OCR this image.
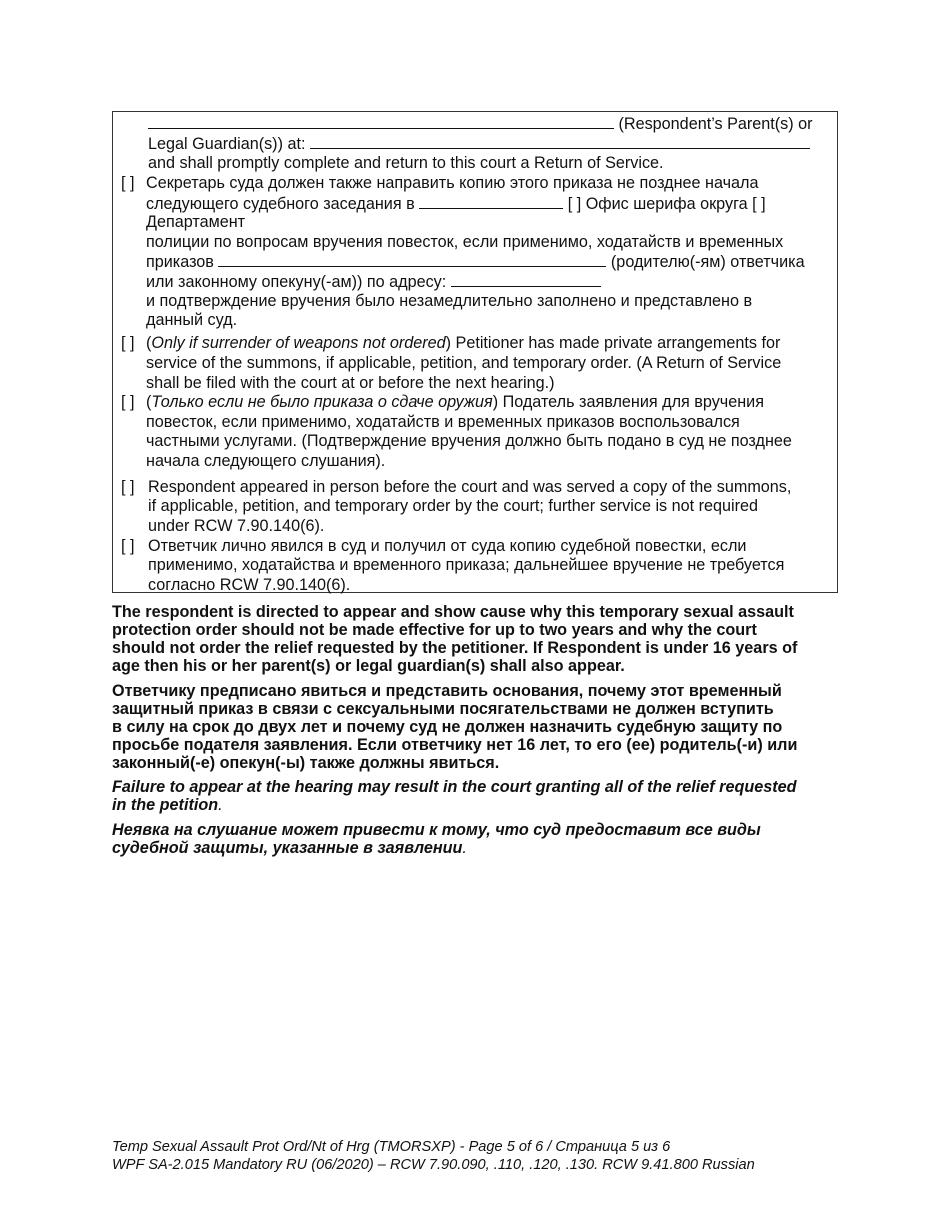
(Respondent’s Parent(s) or
Legal Guardian(s)) at:
and shall promptly complete and return to this court a Return of Service.
[ ] Секретарь суда должен также направить копию этого приказа не позднее начала
следующего судебного заседания в	[ ] Офис шерифа округа [ ]
Департамент
полиции по вопросам вручения повесток, если применимо, ходатайств и временных
приказов	(родителю(-ям) ответчика
или законному опекуну(-ам)) по адресу:
и подтверждение вручения было незамедлительно заполнено и представлено в
данный суд.
[ ] (Only if surrender of weapons not ordered) Petitioner has made private arrangements for
service of the summons, if applicable, petition, and temporary order. (A Return of Service
shall be filed with the court at or before the next hearing.)
[ ] (Только если не было приказа о сдаче оружия) Податель заявления для вручения
повесток, если применимо, ходатайств и временных приказов воспользовался
частными услугами. (Подтверждение вручения должно быть подано в суд не позднее
начала следующего слушания).
[ ] Respondent appeared in person before the court and was served a copy of the summons,
if applicable, petition, and temporary order by the court; further service is not required
under RCW 7.90.140(6).
[ ] Ответчик лично явился в суд и получил от суда копию судебной повестки, если
применимо, ходатайства и временного приказа; дальнейшее вручение не требуется
согласно RCW 7.90.140(6).
The respondent is directed to appear and show cause why this temporary sexual assault
protection order should not be made effective for up to two years and why the court
should not order the relief requested by the petitioner. If Respondent is under 16 years of
age then his or her parent(s) or legal guardian(s) shall also appear.
Ответчику предписано явиться и представить основания, почему этот временный
защитный приказ в связи с сексуальными посягательствами не должен вступить
в силу на срок до двух лет и почему суд не должен назначить судебную защиту по
просьбе подателя заявления. Если ответчику нет 16 лет, то его (ее) родитель(-и) или
законный(-е) опекун(-ы) также должны явиться.
Failure to appear at the hearing may result in the court granting all of the relief requested
in the petition.
Неявка на слушание может привести к тому, что суд предоставит все виды
судебной защиты, указанные в заявлении.
Temp Sexual Assault Prot Ord/Nt of Hrg (TMORSXP) - Page 5 of 6 / Страница 5 из 6
WPF SA-2.015 Mandatory RU (06/2020) – RCW 7.90.090, .110, .120, .130. RCW 9.41.800 Russian
